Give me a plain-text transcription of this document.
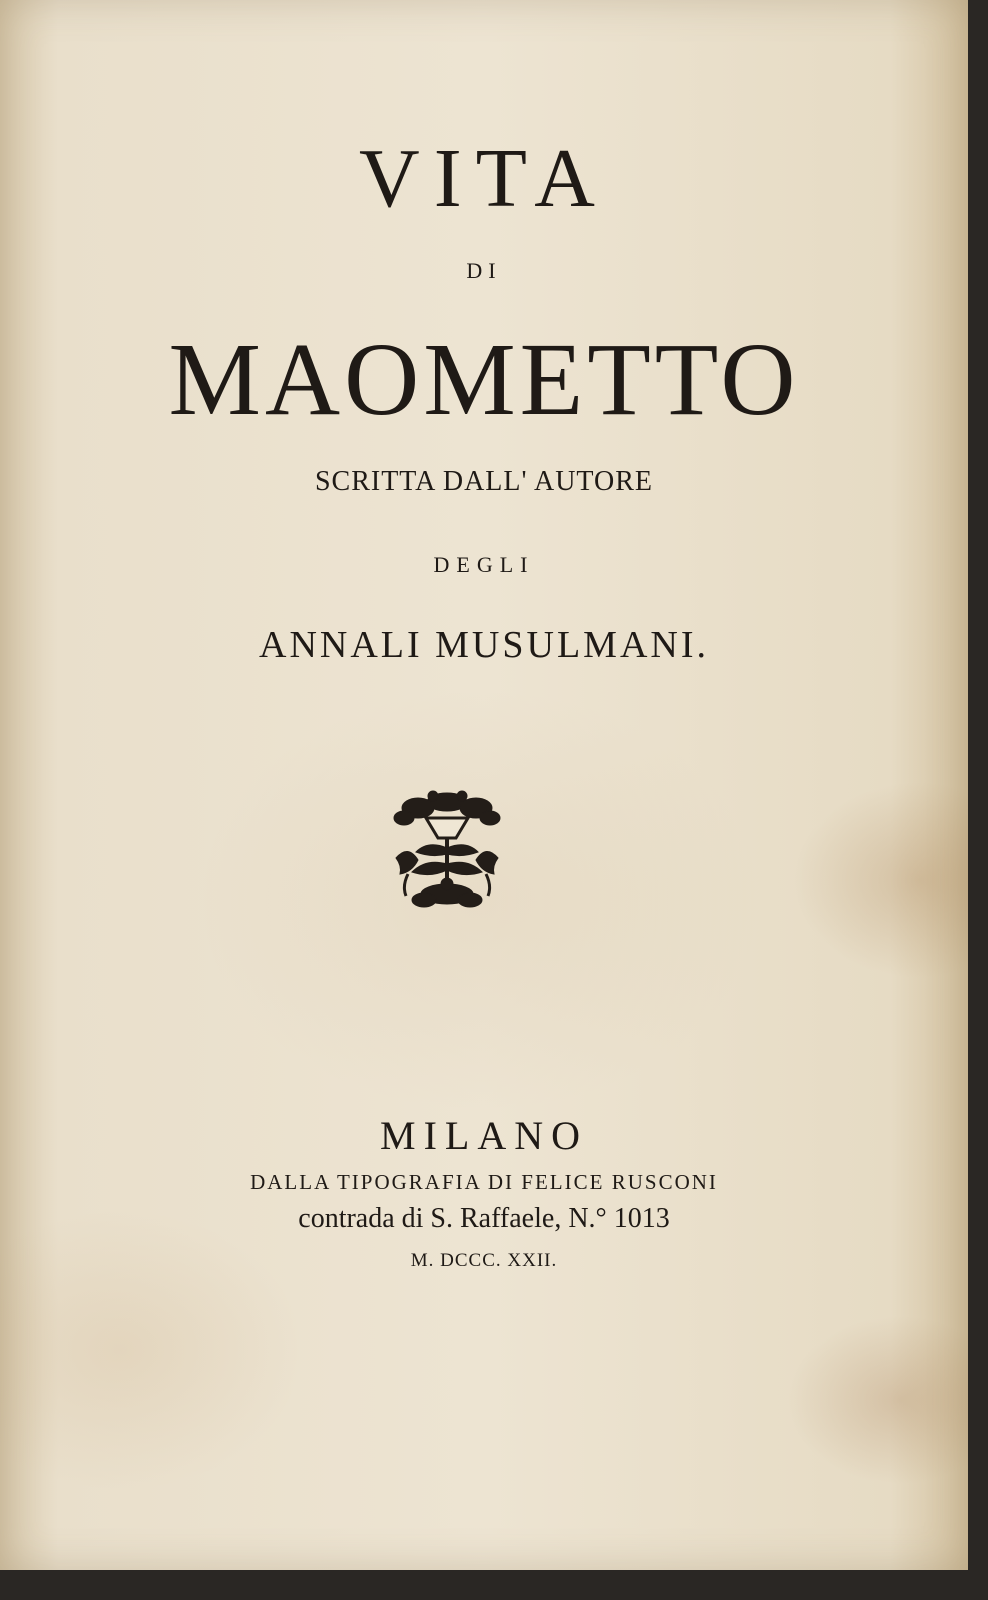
VITA
DI
MAOMETTO
SCRITTA DALL' AUTORE
DEGLI
ANNALI MUSULMANI.
MILANO
DALLA TIPOGRAFIA DI FELICE RUSCONI
contrada di S. Raffaele, N.° 1013
M. DCCC. XXII.
